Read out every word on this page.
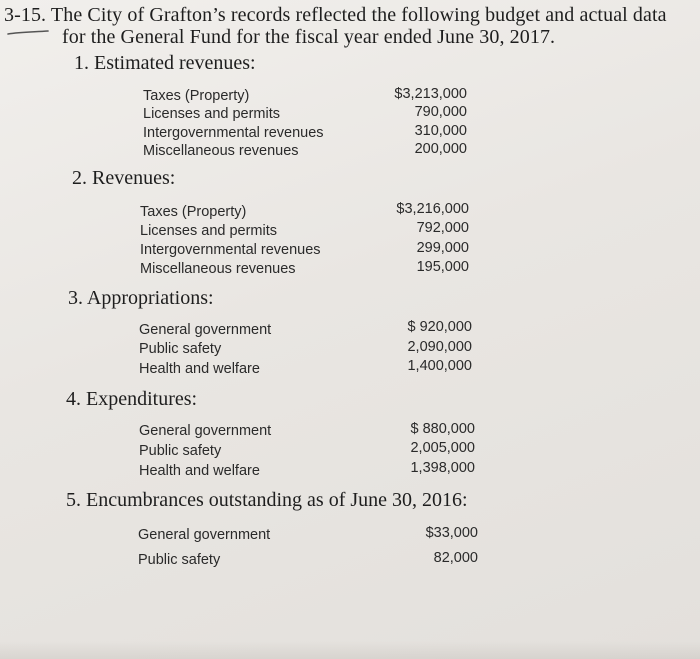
3-15. The City of Grafton’s records reflected the following budget and actual data
for the General Fund for the fiscal year ended June 30, 2017.
1. Estimated revenues:
Taxes (Property)	$3,213,000
Licenses and permits	790,000
Intergovernmental revenues	310,000
Miscellaneous revenues	200,000
2. Revenues:
Taxes (Property)	$3,216,000
Licenses and permits	792,000
Intergovernmental revenues	299,000
Miscellaneous revenues	195,000
3. Appropriations:
General government	$ 920,000
Public safety	2,090,000
Health and welfare	1,400,000
4. Expenditures:
General government	$ 880,000
Public safety	2,005,000
Health and welfare	1,398,000
5. Encumbrances outstanding as of June 30, 2016:
General government	$33,000
Public safety	82,000
